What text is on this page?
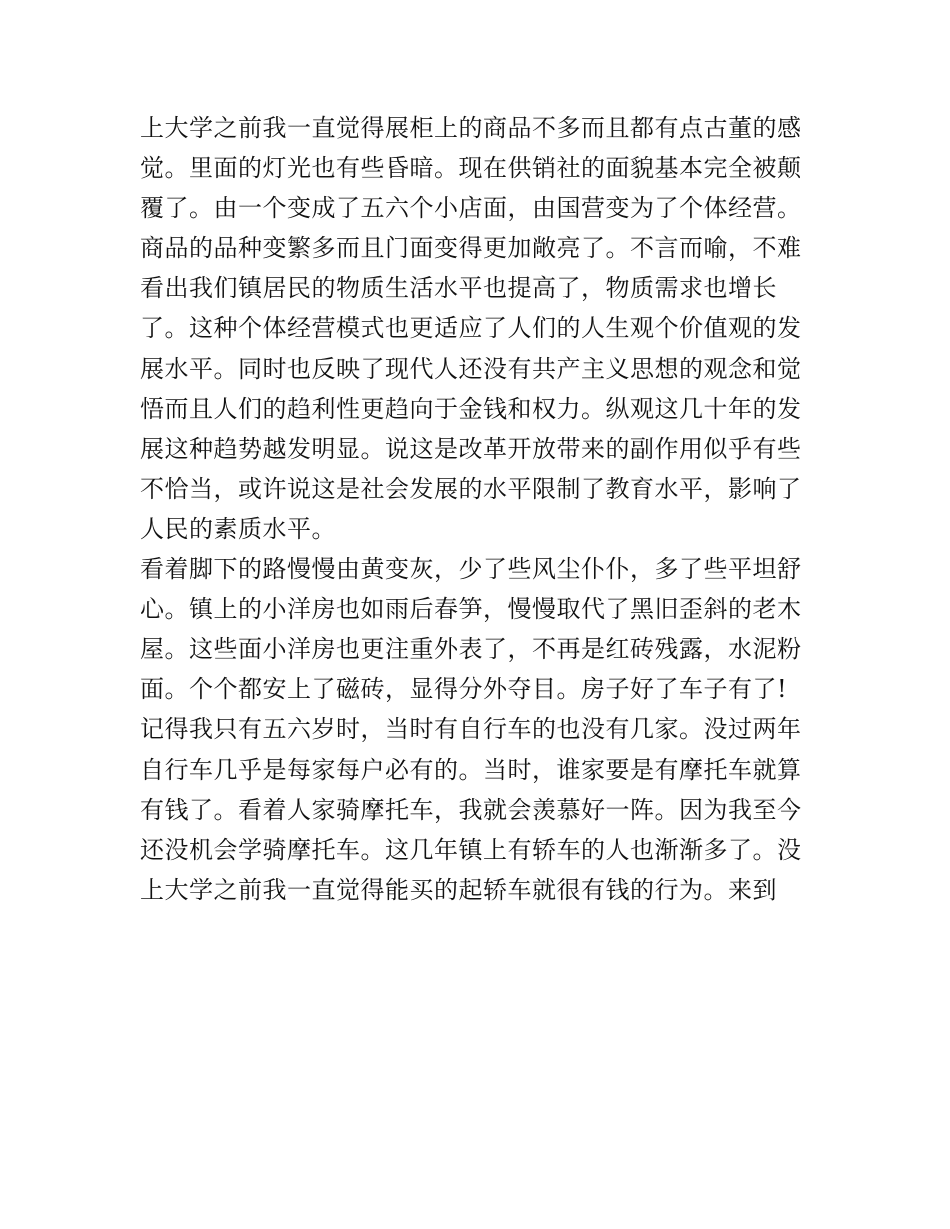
上大学之前我一直觉得展柜上的商品不多而且都有点古董的感
觉。里面的灯光也有些昏暗。现在供销社的面貌基本完全被颠
覆了。由一个变成了五六个小店面，由国营变为了个体经营。
商品的品种变繁多而且门面变得更加敞亮了。不言而喻，不难
看出我们镇居民的物质生活水平也提高了，物质需求也增长
了。这种个体经营模式也更适应了人们的人生观个价值观的发
展水平。同时也反映了现代人还没有共产主义思想的观念和觉
悟而且人们的趋利性更趋向于金钱和权力。纵观这几十年的发
展这种趋势越发明显。说这是改革开放带来的副作用似乎有些
不恰当，或许说这是社会发展的水平限制了教育水平，影响了
人民的素质水平。
看着脚下的路慢慢由黄变灰，少了些风尘仆仆，多了些平坦舒
心。镇上的小洋房也如雨后春笋，慢慢取代了黑旧歪斜的老木
屋。这些面小洋房也更注重外表了，不再是红砖残露，水泥粉
面。个个都安上了磁砖，显得分外夺目。房子好了车子有了!
记得我只有五六岁时，当时有自行车的也没有几家。没过两年
自行车几乎是每家每户必有的。当时，谁家要是有摩托车就算
有钱了。看着人家骑摩托车，我就会羡慕好一阵。因为我至今
还没机会学骑摩托车。这几年镇上有轿车的人也渐渐多了。没
上大学之前我一直觉得能买的起轿车就很有钱的行为。来到
